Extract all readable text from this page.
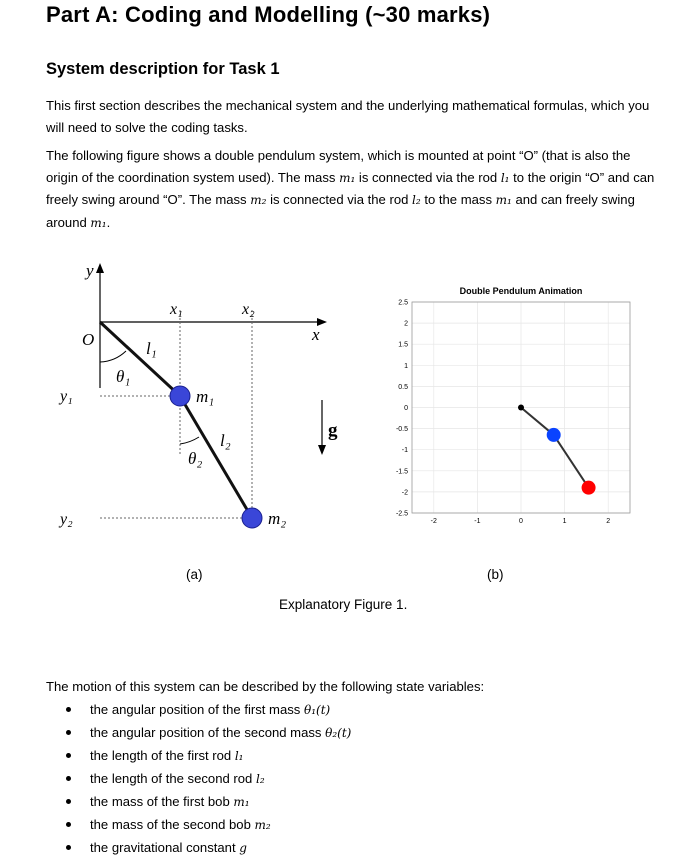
Part A: Coding and Modelling (~30 marks)
System description for Task 1
This first section describes the mechanical system and the underlying mathematical formulas, which you will need to solve the coding tasks.
The following figure shows a double pendulum system, which is mounted at point “O” (that is also the origin of the coordination system used). The mass m₁ is connected via the rod l₁ to the origin “O” and can freely swing around “O”. The mass m₂ is connected via the rod l₂ to the mass m₁ and can freely swing around m₁.
y
O
x₁	x₂
x
l₁
θ₁
y₁	m₁
l₂
θ₂
g
y₂	m₂
(a)
Double Pendulum Animation
2.5
2
1.5
1
0.5
0
-0.5
-1
-1.5
-2
-2.5
-2	-1	0	1	2
(b)
Explanatory Figure 1.
The motion of this system can be described by the following state variables:
the angular position of the first mass θ₁(t)
the angular position of the second mass θ₂(t)
the length of the first rod l₁
the length of the second rod l₂
the mass of the first bob m₁
the mass of the second bob m₂
the gravitational constant g
